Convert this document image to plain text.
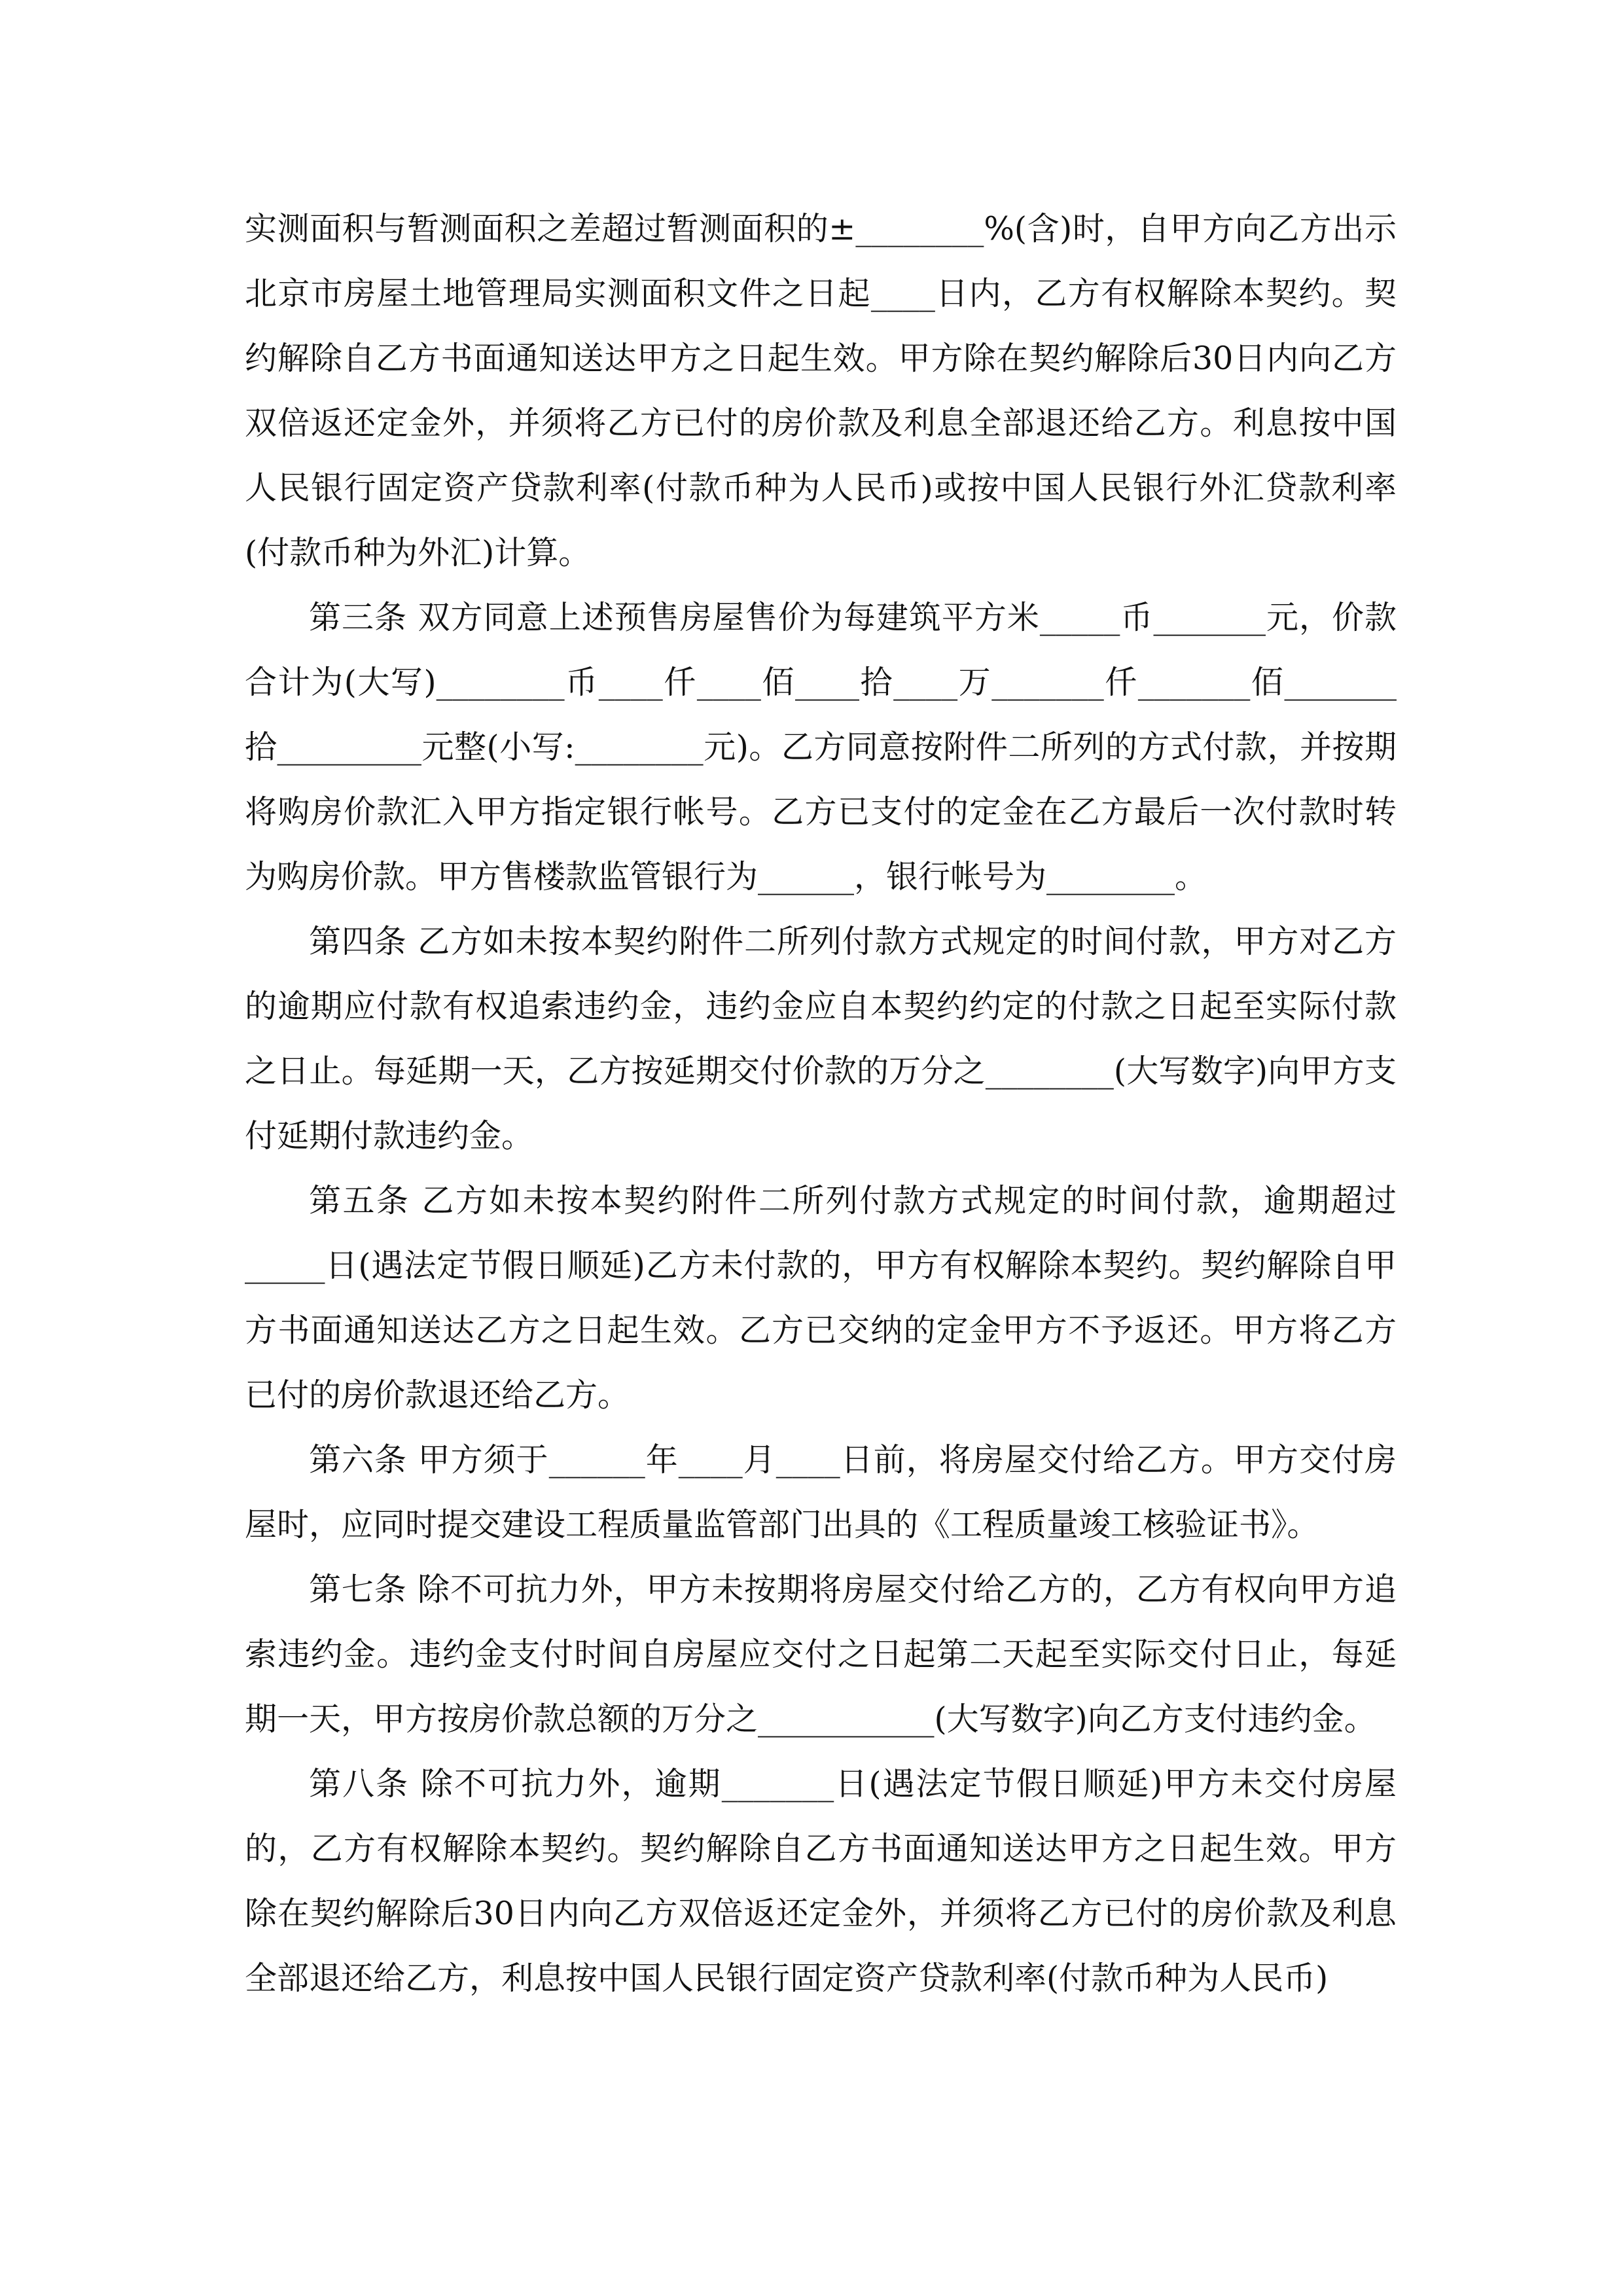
实测面积与暂测面积之差超过暂测面积的±________%(含)时，自甲方向乙方出示北京市房屋土地管理局实测面积文件之日起____日内，乙方有权解除本契约。契约解除自乙方书面通知送达甲方之日起生效。甲方除在契约解除后30日内向乙方双倍返还定金外，并须将乙方已付的房价款及利息全部退还给乙方。利息按中国人民银行固定资产贷款利率(付款币种为人民币)或按中国人民银行外汇贷款利率(付款币种为外汇)计算。

第三条 双方同意上述预售房屋售价为每建筑平方米_____币_______元，价款合计为(大写)________币____仟____佰____拾____万_______仟_______佰_______拾_________元整(小写:________元)。乙方同意按附件二所列的方式付款，并按期将购房价款汇入甲方指定银行帐号。乙方已支付的定金在乙方最后一次付款时转为购房价款。甲方售楼款监管银行为______，银行帐号为________。

第四条 乙方如未按本契约附件二所列付款方式规定的时间付款，甲方对乙方的逾期应付款有权追索违约金，违约金应自本契约约定的付款之日起至实际付款之日止。每延期一天，乙方按延期交付价款的万分之________(大写数字)向甲方支付延期付款违约金。

第五条 乙方如未按本契约附件二所列付款方式规定的时间付款，逾期超过_____日(遇法定节假日顺延)乙方未付款的，甲方有权解除本契约。契约解除自甲方书面通知送达乙方之日起生效。乙方已交纳的定金甲方不予返还。甲方将乙方已付的房价款退还给乙方。

第六条 甲方须于______年____月____日前，将房屋交付给乙方。甲方交付房屋时，应同时提交建设工程质量监管部门出具的《工程质量竣工核验证书》。

第七条 除不可抗力外，甲方未按期将房屋交付给乙方的，乙方有权向甲方追索违约金。违约金支付时间自房屋应交付之日起第二天起至实际交付日止，每延期一天，甲方按房价款总额的万分之___________(大写数字)向乙方支付违约金。

第八条 除不可抗力外，逾期_______日(遇法定节假日顺延)甲方未交付房屋的，乙方有权解除本契约。契约解除自乙方书面通知送达甲方之日起生效。甲方除在契约解除后30日内向乙方双倍返还定金外，并须将乙方已付的房价款及利息全部退还给乙方，利息按中国人民银行固定资产贷款利率(付款币种为人民币)
